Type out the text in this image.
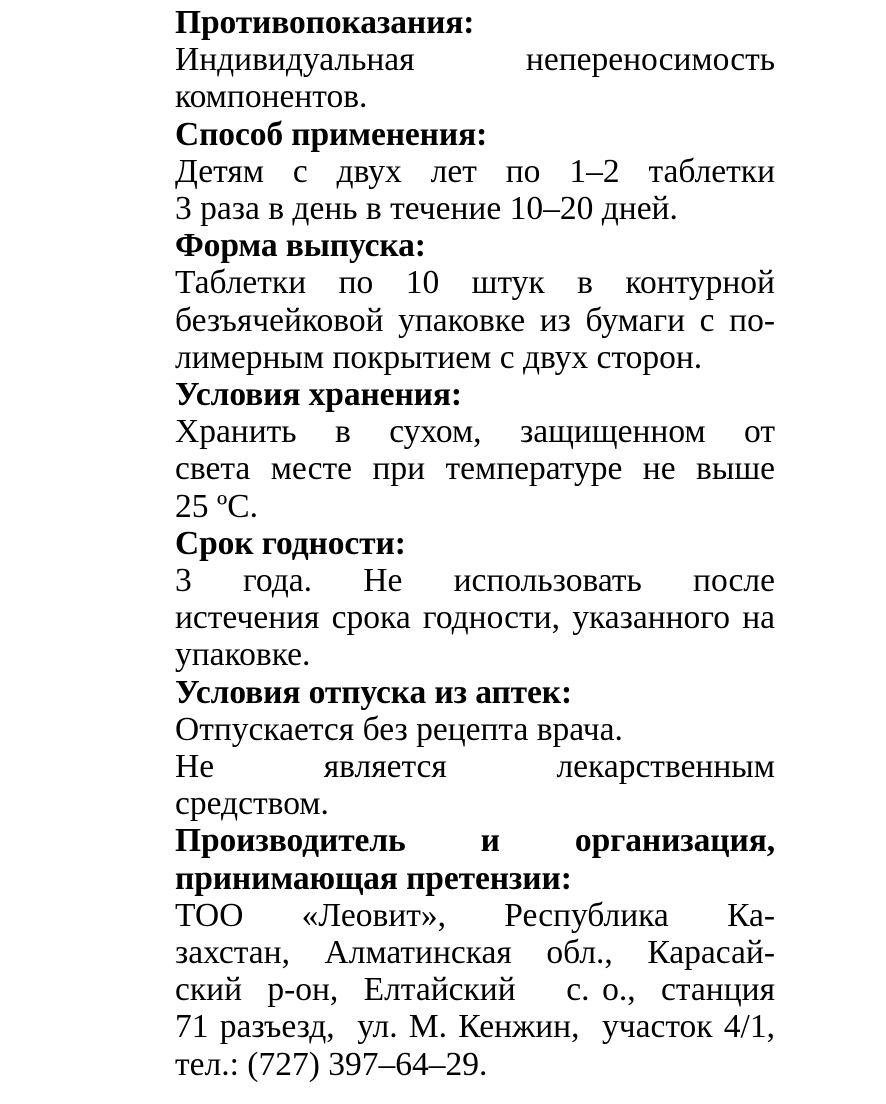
Противопоказания:
Индивидуальная     непереносимость
компонентов.
Способ применения:
Детям  с  двух  лет  по  1–2  таблетки
3 раза в день в течение 10–20 дней.
Форма выпуска:
Таблетки  по  10  штук  в  контурной
безъячейковой упаковке из бумаги с по-
лимерным покрытием с двух сторон.
Условия хранения:
Хранить  в  сухом,  защищенном  от
света  месте  при  температуре  не  выше
25 ºС.
Срок годности:
3    года.    Не    использовать    после
истечения срока годности, указанного на
упаковке.
Условия отпуска из аптек:
Отпускается без рецепта врача.
Не       является       лекарственным
средством.
Производитель   и   организация,
принимающая претензии:
ТОО   «Леовит»,   Республика   Ка-
захстан,   Алматинская   обл.,   Карасай-
ский  р-он,  Елтайский    с. о.,  станция
71 разъезд,  ул. М. Кенжин,  участок 4/1,
тел.: (727) 397–64–29.
